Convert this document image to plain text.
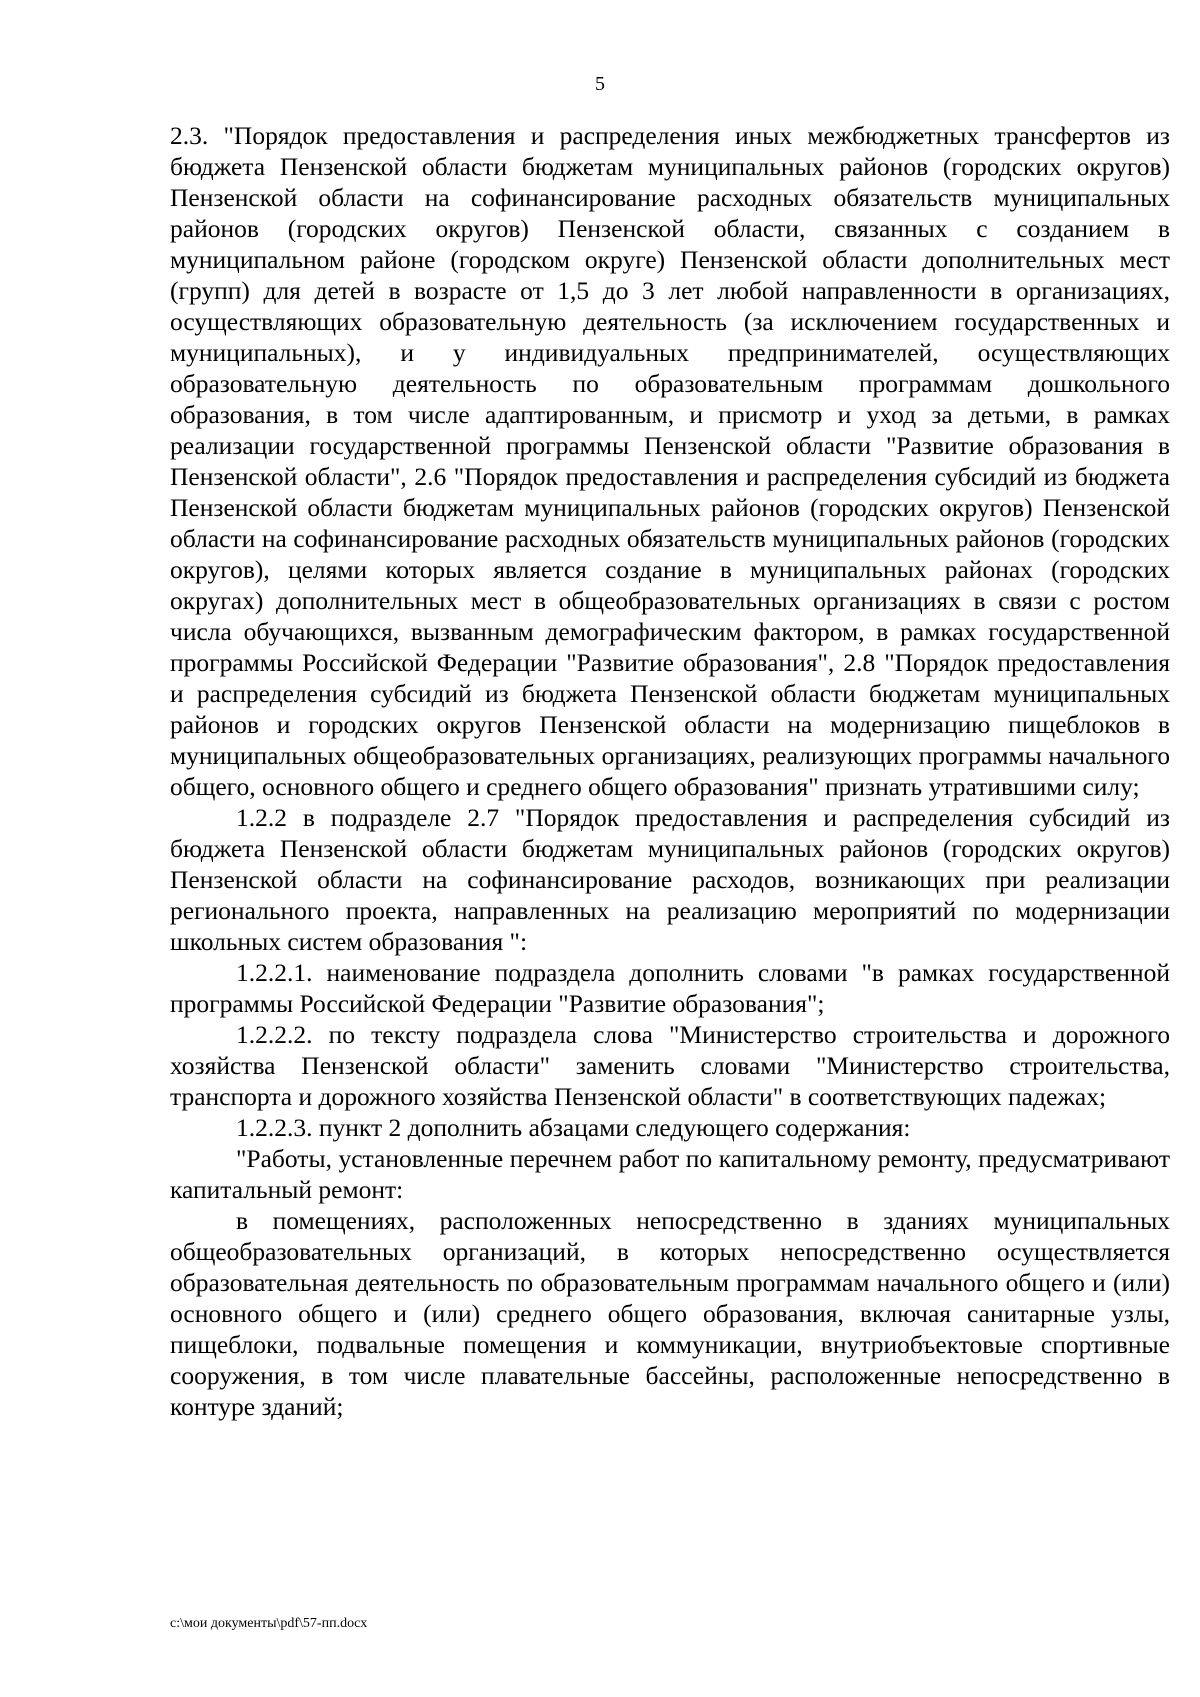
5

2.3. "Порядок предоставления и распределения иных межбюджетных трансфертов из бюджета Пензенской области бюджетам муниципальных районов (городских округов) Пензенской области на софинансирование расходных обязательств муниципальных районов (городских округов) Пензенской области, связанных с созданием в муниципальном районе (городском округе) Пензенской области дополнительных мест (групп) для детей в возрасте от 1,5 до 3 лет любой направленности в организациях, осуществляющих образовательную деятельность (за исключением государственных и муниципальных), и у индивидуальных предпринимателей, осуществляющих образовательную деятельность по образовательным программам дошкольного образования, в том числе адаптированным, и присмотр и уход за детьми, в рамках реализации государственной программы Пензенской области "Развитие образования в Пензенской области", 2.6 "Порядок предоставления и распределения субсидий из бюджета Пензенской области бюджетам муниципальных районов (городских округов) Пензенской области на софинансирование расходных обязательств муниципальных районов (городских округов), целями которых является создание в муниципальных районах (городских округах) дополнительных мест в общеобразовательных организациях в связи с ростом числа обучающихся, вызванным демографическим фактором, в рамках государственной программы Российской Федерации "Развитие образования", 2.8 "Порядок предоставления и распределения субсидий из бюджета Пензенской области бюджетам муниципальных районов и городских округов Пензенской области на модернизацию пищеблоков в муниципальных общеобразовательных организациях, реализующих программы начального общего, основного общего и среднего общего образования" признать утратившими силу;

1.2.2 в подразделе 2.7 "Порядок предоставления и распределения субсидий из бюджета Пензенской области бюджетам муниципальных районов (городских округов) Пензенской области на софинансирование расходов, возникающих при реализации регионального проекта, направленных на реализацию мероприятий по модернизации школьных систем образования ":

1.2.2.1. наименование подраздела дополнить словами "в рамках государственной программы Российской Федерации "Развитие образования";

1.2.2.2. по тексту подраздела слова "Министерство строительства и дорожного хозяйства Пензенской области" заменить словами "Министерство строительства, транспорта и дорожного хозяйства Пензенской области" в соответствующих падежах;

1.2.2.3. пункт 2 дополнить абзацами следующего содержания:

"Работы, установленные перечнем работ по капитальному ремонту, предусматривают капитальный ремонт:

в помещениях, расположенных непосредственно в зданиях муниципальных общеобразовательных организаций, в которых непосредственно осуществляется образовательная деятельность по образовательным программам начального общего и (или) основного общего и (или) среднего общего образования, включая санитарные узлы, пищеблоки, подвальные помещения и коммуникации, внутриобъектовые спортивные сооружения, в том числе плавательные бассейны, расположенные непосредственно в контуре зданий;

c:\мои документы\pdf\57-пп.docx
